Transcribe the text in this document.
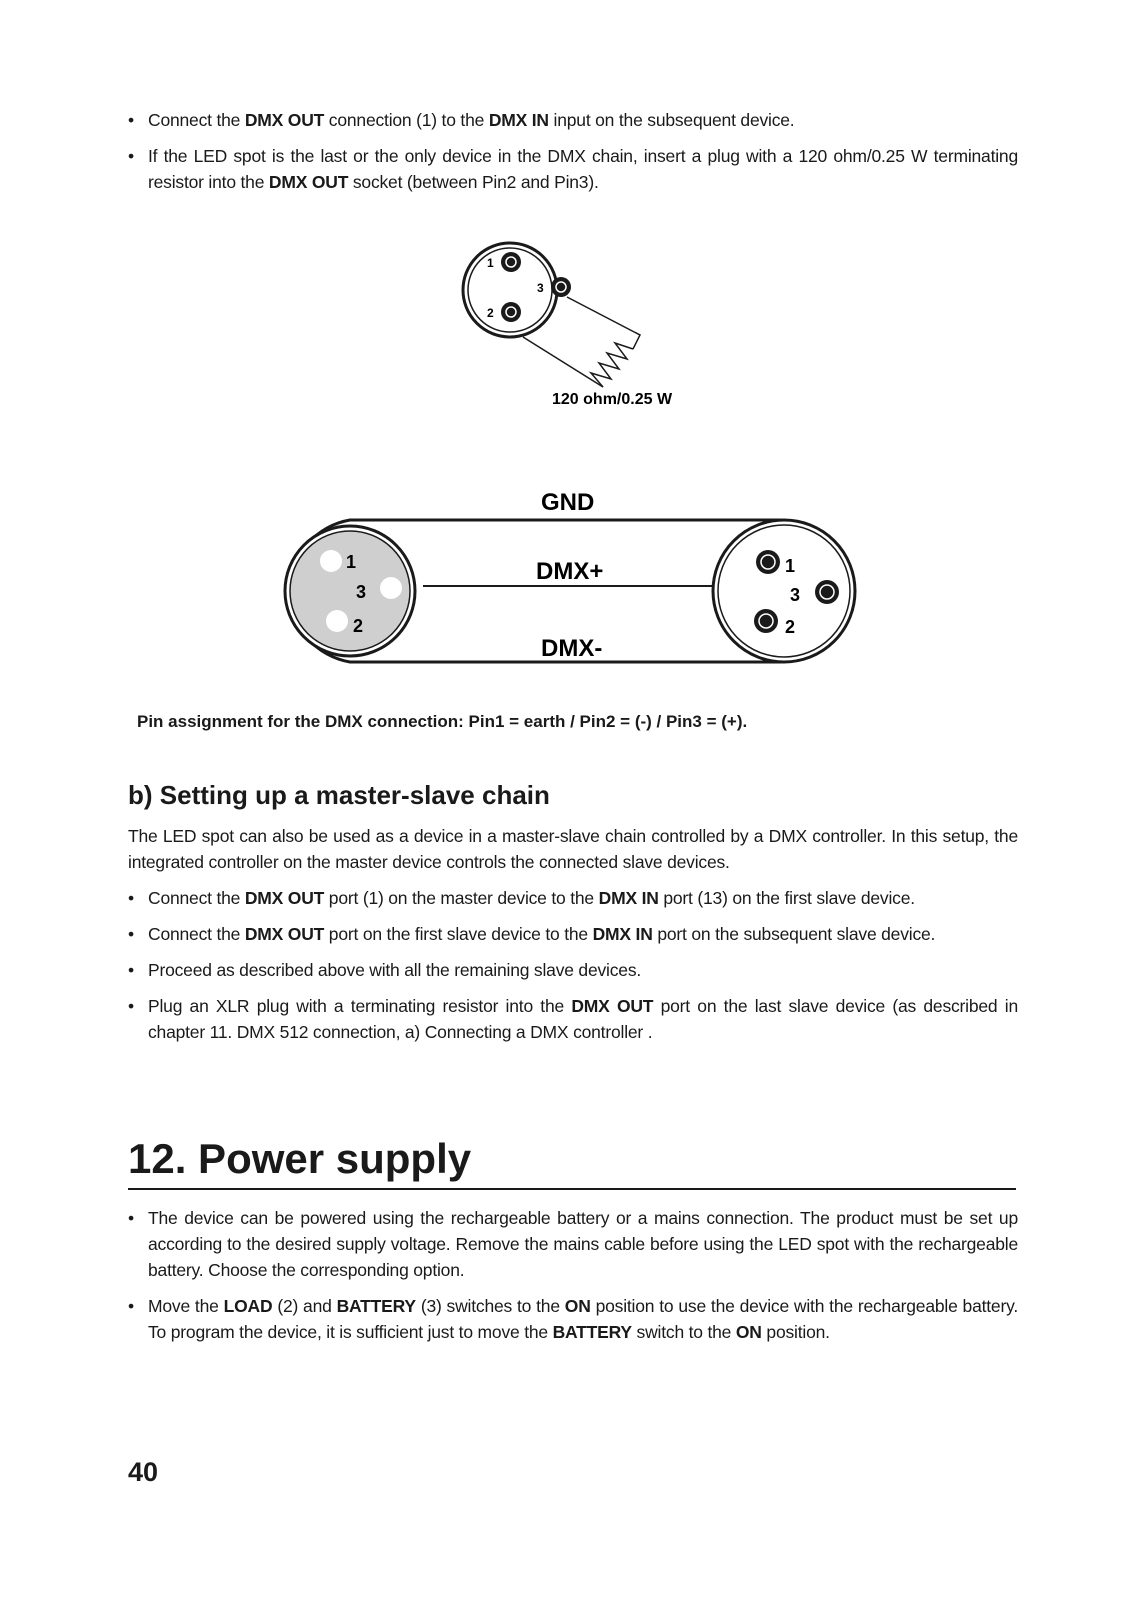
• Connect the DMX OUT connection (1) to the DMX IN input on the subsequent device.
• If the LED spot is the last or the only device in the DMX chain, insert a plug with a 120 ohm/0.25 W terminating resistor into the DMX OUT socket (between Pin2 and Pin3).
1
3
2
120 ohm/0.25 W
1
3
2
1
3
2
GND
DMX+
DMX-
Pin assignment for the DMX connection: Pin1 = earth / Pin2 = (-) / Pin3 = (+).
b) Setting up a master-slave chain

The LED spot can also be used as a device in a master-slave chain controlled by a DMX controller. In this setup, the integrated controller on the master device controls the connected slave devices.

• Connect the DMX OUT port (1) on the master device to the DMX IN port (13) on the first slave device.
• Connect the DMX OUT port on the first slave device to the DMX IN port on the subsequent slave device.
• Proceed as described above with all the remaining slave devices.
• Plug an XLR plug with a terminating resistor into the DMX OUT port on the last slave device (as described in chapter 11. DMX 512 connection, a) Connecting a DMX controller .
12. Power supply
• The device can be powered using the rechargeable battery or a mains connection. The product must be set up according to the desired supply voltage. Remove the mains cable before using the LED spot with the rechargeable battery. Choose the corresponding option.
• Move the LOAD (2) and BATTERY (3) switches to the ON position to use the device with the rechargeable battery. To program the device, it is sufficient just to move the BATTERY switch to the ON position.
40
